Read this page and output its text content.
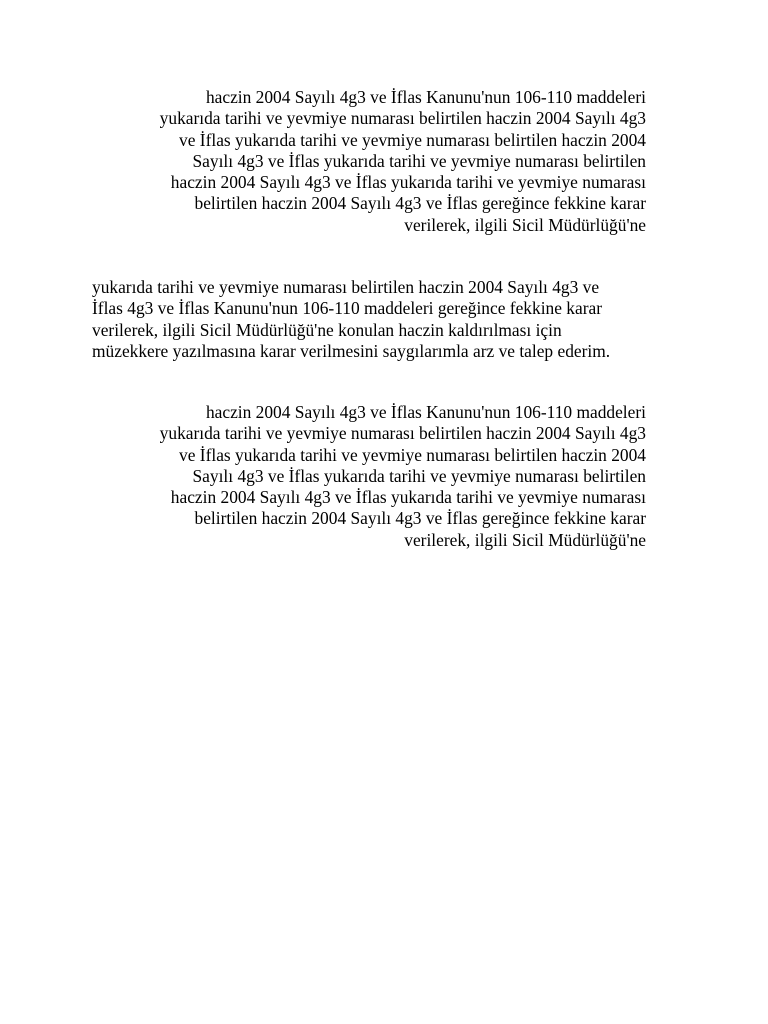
haczin 2004 Sayılı 4g3 ve İflas Kanunu'nun 106-110 maddeleri
yukarıda tarihi ve yevmiye numarası belirtilen haczin 2004 Sayılı 4g3
ve İflas yukarıda tarihi ve yevmiye numarası belirtilen haczin 2004
Sayılı 4g3 ve İflas yukarıda tarihi ve yevmiye numarası belirtilen
haczin 2004 Sayılı 4g3 ve İflas yukarıda tarihi ve yevmiye numarası
belirtilen haczin 2004 Sayılı 4g3 ve İflas gereğince fekkine karar
verilerek, ilgili Sicil Müdürlüğü'ne
yukarıda tarihi ve yevmiye numarası belirtilen haczin 2004 Sayılı 4g3 ve
İflas 4g3 ve İflas Kanunu'nun 106-110 maddeleri gereğince fekkine karar
verilerek, ilgili Sicil Müdürlüğü'ne konulan haczin kaldırılması için
müzekkere yazılmasına karar verilmesini saygılarımla arz ve talep ederim.
haczin 2004 Sayılı 4g3 ve İflas Kanunu'nun 106-110 maddeleri
yukarıda tarihi ve yevmiye numarası belirtilen haczin 2004 Sayılı 4g3
ve İflas yukarıda tarihi ve yevmiye numarası belirtilen haczin 2004
Sayılı 4g3 ve İflas yukarıda tarihi ve yevmiye numarası belirtilen
haczin 2004 Sayılı 4g3 ve İflas yukarıda tarihi ve yevmiye numarası
belirtilen haczin 2004 Sayılı 4g3 ve İflas gereğince fekkine karar
verilerek, ilgili Sicil Müdürlüğü'ne
